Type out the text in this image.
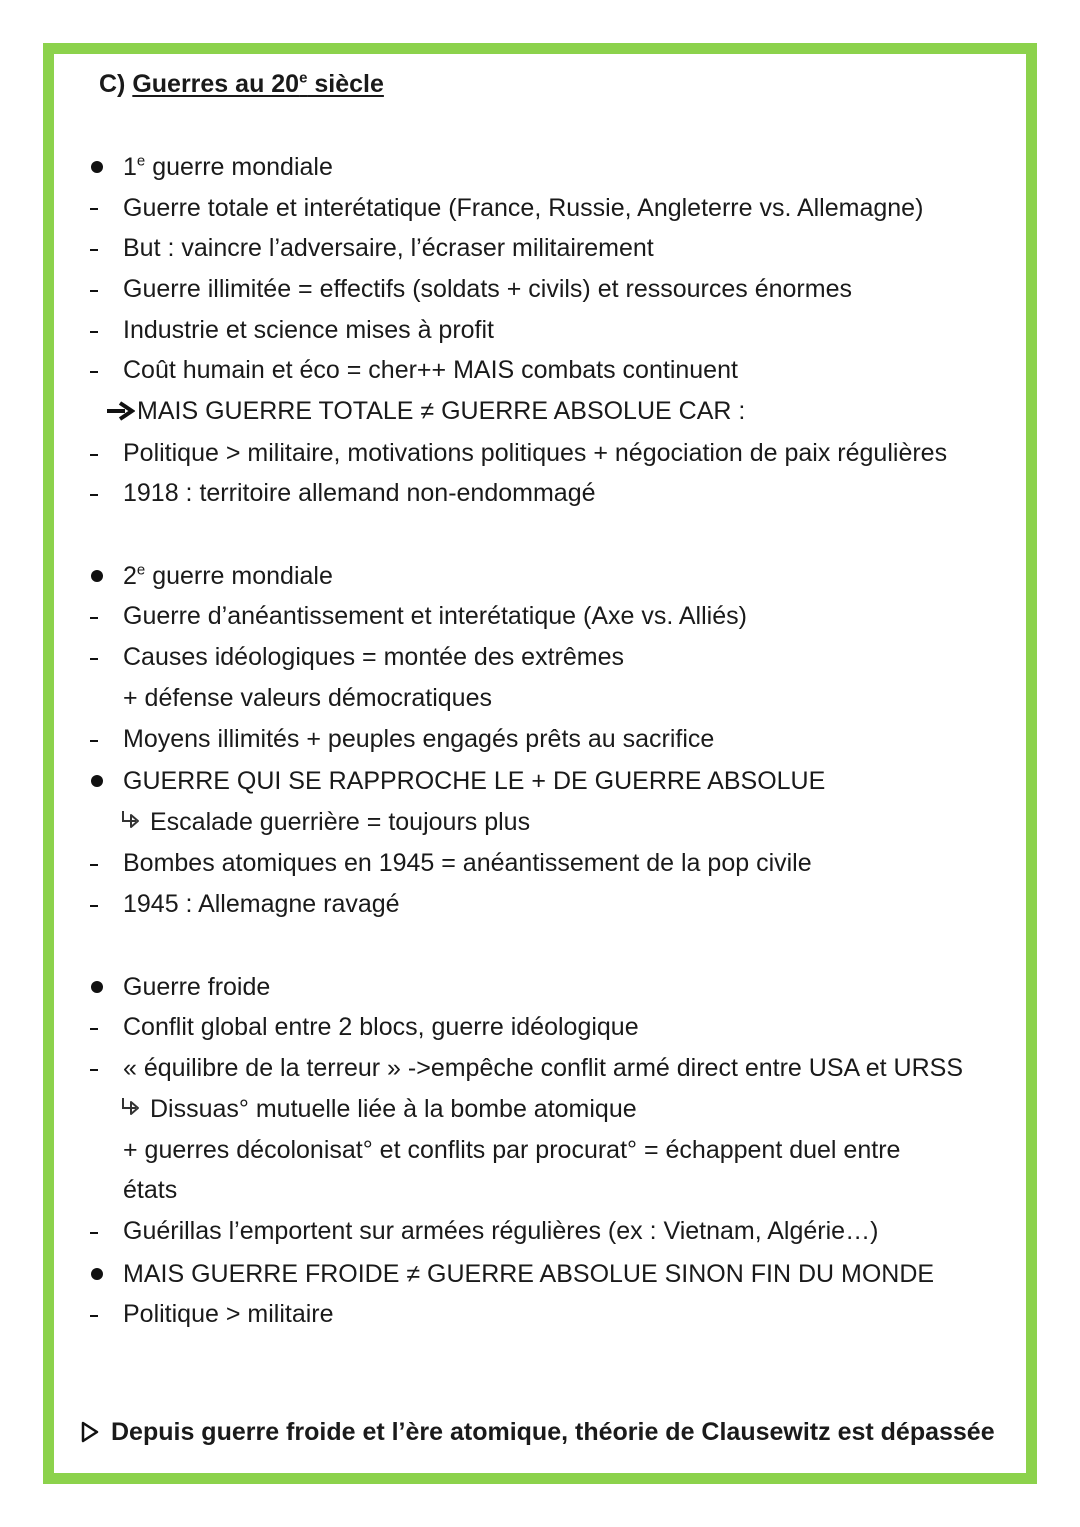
C) Guerres au 20e siècle
1e guerre mondiale
Guerre totale et interétatique (France, Russie, Angleterre vs. Allemagne)
But : vaincre l’adversaire, l’écraser militairement
Guerre illimitée = effectifs (soldats + civils) et ressources énormes
Industrie et science mises à profit
Coût humain et éco = cher++ MAIS combats continuent
MAIS GUERRE TOTALE ≠ GUERRE ABSOLUE CAR :
Politique > militaire, motivations politiques + négociation de paix régulières
1918 : territoire allemand non-endommagé
2e guerre mondiale
Guerre d’anéantissement et interétatique (Axe vs. Alliés)
Causes idéologiques = montée des extrêmes
+ défense valeurs démocratiques
Moyens illimités + peuples engagés prêts au sacrifice
GUERRE QUI SE RAPPROCHE LE + DE GUERRE ABSOLUE
Escalade guerrière = toujours plus
Bombes atomiques en 1945 = anéantissement de la pop civile
1945 : Allemagne ravagé
Guerre froide
Conflit global entre 2 blocs, guerre idéologique
« équilibre de la terreur » ->empêche conflit armé direct entre USA et URSS
Dissuas° mutuelle liée à la bombe atomique
+ guerres décolonisat° et conflits par procurat° = échappent duel entre
états
Guérillas l’emportent sur armées régulières (ex : Vietnam, Algérie…)
MAIS GUERRE FROIDE ≠ GUERRE ABSOLUE SINON FIN DU MONDE
Politique > militaire
Depuis guerre froide et l’ère atomique, théorie de Clausewitz est dépassée
